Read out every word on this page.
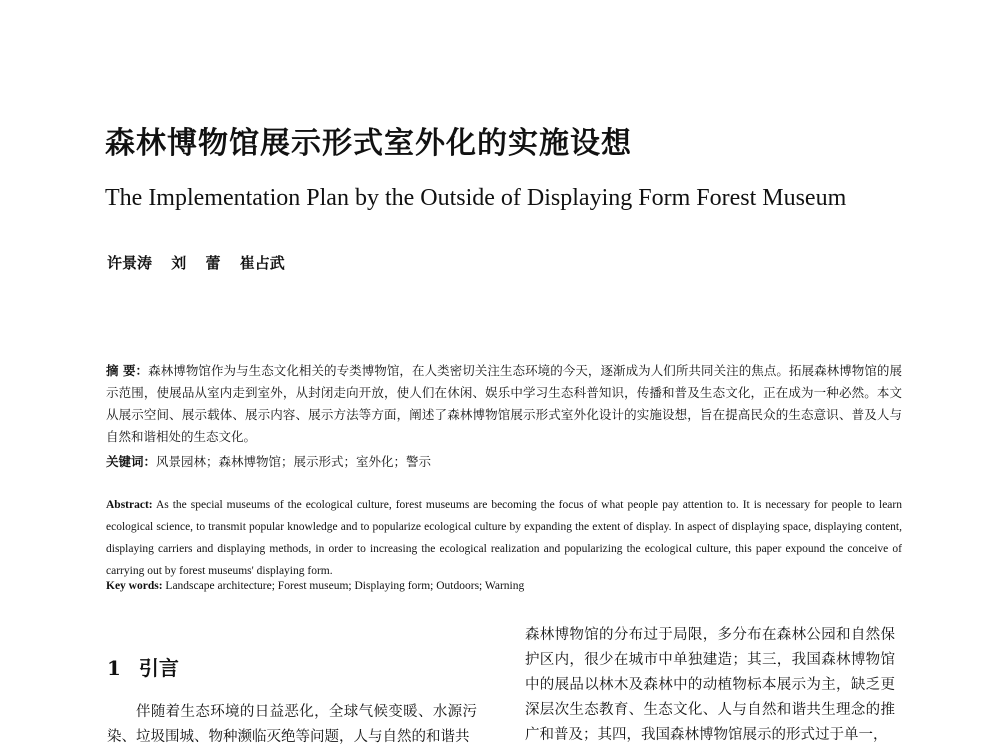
森林博物馆展示形式室外化的实施设想
The Implementation Plan by the Outside of Displaying Form Forest Museum
许景涛 刘 蕾 崔占武
摘 要：森林博物馆作为与生态文化相关的专类博物馆，在人类密切关注生态环境的今天，逐渐成为人们所共同关注的焦点。拓展森林博物馆的展示范围，使展品从室内走到室外，从封闭走向开放，使人们在休闲、娱乐中学习生态科普知识，传播和普及生态文化，正在成为一种必然。本文从展示空间、展示载体、展示内容、展示方法等方面，阐述了森林博物馆展示形式室外化设计的实施设想，旨在提高民众的生态意识、普及人与自然和谐相处的生态文化。
关键词：风景园林；森林博物馆；展示形式；室外化；警示
Abstract: As the special museums of the ecological culture, forest museums are becoming the focus of what people pay attention to. It is necessary for people to learn ecological science, to transmit popular knowledge and to popularize ecological culture by expanding the extent of display. In aspect of displaying space, displaying content, displaying carriers and displaying methods, in order to increasing the ecological realization and popularizing the ecological culture, this paper expound the conceive of carrying out by forest museums' displaying form.
Key words: Landscape architecture; Forest museum; Displaying form; Outdoors; Warning
1 引言
伴随着生态环境的日益恶化，全球气候变暖、水源污染、垃圾围城、物种濒临灭绝等问题，人与自然的和谐共
森林博物馆的分布过于局限，多分布在森林公园和自然保护区内，很少在城市中单独建造；其三，我国森林博物馆中的展品以林木及森林中的动植物标本展示为主，缺乏更深层次生态教育、生态文化、人与自然和谐共生理念的推广和普及；其四，我国森林博物馆展示的形式过于单一，
